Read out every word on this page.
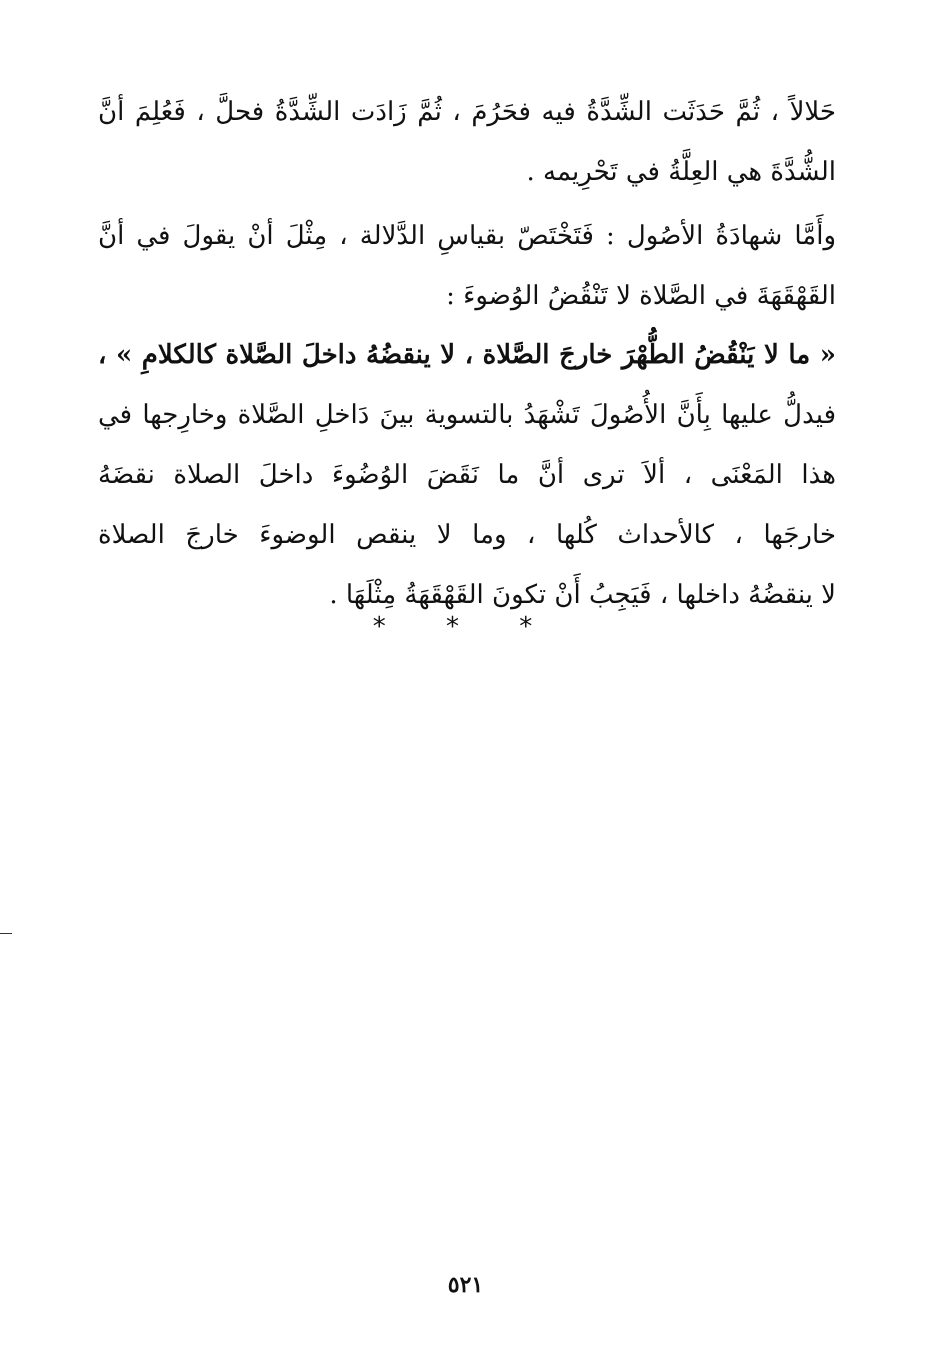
حَلالاً ، ثُمَّ حَدَثَت الشِّدَّةُ فيه فحَرُمَ ، ثُمَّ زَادَت الشِّدَّةُ فحلَّ ، فَعُلِمَ أنَّ
الشُّدَّةَ هي العِلَّةُ في تَحْرِيمه .
وأَمَّا شهادَةُ الأصُول : فَتَخْتَصّ بقياسِ الدَّلالة ، مِثْلَ أنْ يقولَ في أنَّ
القَهْقَهَةَ في الصَّلاة لا تَنْقُضُ الوُضوءَ :
« ما لا يَنْقُضُ الطُّهْرَ خارجَ الصَّلاة ، لا ينقضُهُ داخلَ الصَّلاة كالكلامِ » ،
فيدلُّ عليها بِأَنَّ الأُصُولَ تَشْهَدُ بالتسوية بينَ دَاخلِ الصَّلاة وخارِجها في
هذا المَعْنَى ، ألاَ ترى أنَّ ما نَقَضَ الوُضُوءَ داخلَ الصلاة نقضَهُ
خارجَها ، كالأحداث كُلها ، وما لا ينقص الوضوءَ خارجَ الصلاة
لا ينقضُهُ داخلها ، فَيَجِبُ أَنْ تكونَ القَهْقَهَةُ مِثْلَهَا .
* * *
٥٢١
